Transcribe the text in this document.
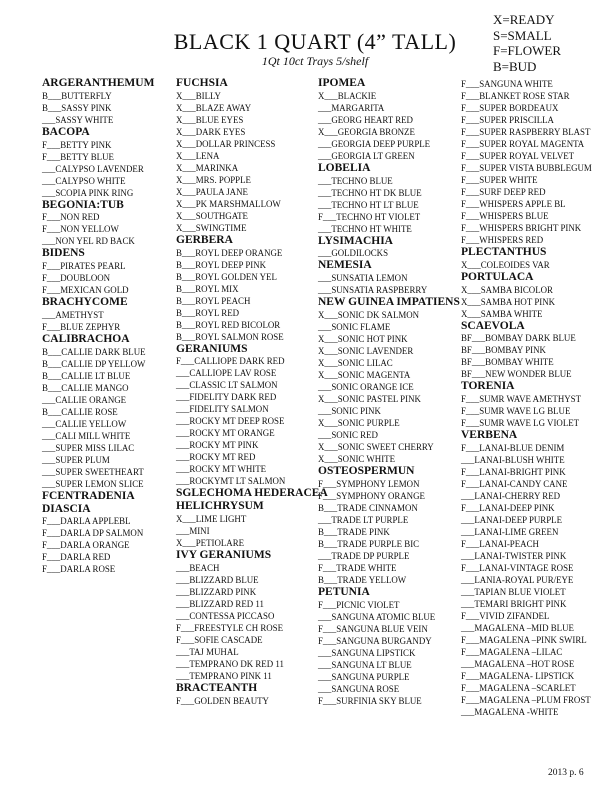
BLACK 1 QUART (4” TALL)
1Qt 10ct Trays 5/shelf
X=READY
S=SMALL
F=FLOWER
B=BUD
ARGERANTHEMUM
B___BUTTERFLY
B___SASSY PINK
___SASSY WHITE
BACOPA
F___BETTY PINK
F___BETTY BLUE
___CALYPSO LAVENDER
___CALYPSO WHITE
___SCOPIA PINK RING
BEGONIA:TUB
F___NON RED
F___NON YELLOW
___NON YEL RD BACK
BIDENS
F___PIRATES PEARL
F___DOUBLOON
F___MEXICAN GOLD
BRACHYCOME
___AMETHYST
F___BLUE ZEPHYR
CALIBRACHOA
B___CALLIE DARK BLUE
B___CALLIE DP YELLOW
B___CALLIE LT BLUE
B___CALLIE MANGO
___CALLIE ORANGE
B___CALLIE ROSE
___CALLIE YELLOW
___CALI MILL WHITE
___SUPER MISS LILAC
___SUPER PLUM
___SUPER SWEETHEART
___SUPER LEMON SLICE
FCENTRADENIA
DIASCIA
F___DARLA APPLEBL
F___DARLA DP SALMON
F___DARLA ORANGE
F___DARLA RED
F___DARLA ROSE
FUCHSIA
X___BILLY
X___BLAZE AWAY
X___BLUE EYES
X___DARK EYES
X___DOLLAR PRINCESS
X___LENA
X___MARINKA
X___MRS. POPPLE
X___PAULA JANE
X___PK MARSHMALLOW
X___SOUTHGATE
X___SWINGTIME
GERBERA
B___ROYL DEEP ORANGE
B___ROYL DEEP PINK
B___ROYL GOLDEN YEL
B___ROYL MIX
B___ROYL PEACH
B___ROYL RED
B___ROYL RED BICOLOR
B___ROYL SALMON ROSE
GERANIUMS
F___CALLIOPE DARK RED
___CALLIOPE LAV ROSE
___CLASSIC LT SALMON
___FIDELITY DARK RED
___FIDELITY SALMON
___ROCKY MT DEEP ROSE
___ROCKY MT ORANGE
___ROCKY MT PINK
___ROCKY MT RED
___ROCKY MT WHITE
___ROCKYMT LT SALMON
SGLECHOMA HEDERACEA
HELICHRYSUM
X___LIME LIGHT
___MINI
X___PETIOLARE
IVY GERANIUMS
___BEACH
___BLIZZARD BLUE
___BLIZZARD PINK
___BLIZZARD RED 11
___CONTESSA PICCASO
F___FREESTYLE CH ROSE
F___SOFIE CASCADE
___TAJ MUHAL
___TEMPRANO DK RED 11
___TEMPRANO PINK 11
BRACTEANTH
F___GOLDEN BEAUTY
IPOMEA
X___BLACKIE
___MARGARITA
___GEORG HEART RED
X___GEORGIA BRONZE
___GEORGIA DEEP PURPLE
___GEORGIA LT GREEN
LOBELIA
___TECHNO BLUE
___TECHNO HT DK BLUE
___TECHNO HT LT BLUE
F___TECHNO HT VIOLET
___TECHNO HT WHITE
LYSIMACHIA
___GOLDILOCKS
NEMESIA
___SUNSATIA LEMON
___SUNSATIA RASPBERRY
NEW GUINEA IMPATIENS
X___SONIC DK SALMON
___SONIC FLAME
X___SONIC HOT PINK
X___SONIC LAVENDER
X___SONIC LILAC
X___SONIC MAGENTA
___SONIC ORANGE ICE
X___SONIC PASTEL PINK
___SONIC PINK
X___SONIC PURPLE
___SONIC RED
X___SONIC SWEET CHERRY
X___SONIC WHITE
OSTEOSPERMUN
F___SYMPHONY LEMON
F___SYMPHONY ORANGE
B___TRADE CINNAMON
___TRADE LT PURPLE
B___TRADE PINK
B___TRADE PURPLE BIC
___TRADE DP PURPLE
F___TRADE WHITE
B___TRADE YELLOW
PETUNIA
F___PICNIC VIOLET
___SANGUNA ATOMIC BLUE
F___SANGUNA BLUE VEIN
F___SANGUNA BURGANDY
___SANGUNA LIPSTICK
___SANGUNA LT BLUE
___SANGUNA PURPLE
___SANGUNA ROSE
F___SURFINIA SKY BLUE
F___SANGUNA WHITE
F___BLANKET ROSE STAR
F___SUPER BORDEAUX
F___SUPER PRISCILLA
F___SUPER RASPBERRY BLAST
F___SUPER ROYAL MAGENTA
F___SUPER ROYAL VELVET
F___SUPER VISTA BUBBLEGUM
F___SUPER WHITE
F___SURF DEEP RED
F___WHISPERS APPLE BL
F___WHISPERS BLUE
F___WHISPERS BRIGHT PINK
F___WHISPERS RED
PLECTANTHUS
X___COLEOIDES VAR
PORTULACA
X___SAMBA BICOLOR
X___SAMBA HOT PINK
X___SAMBA WHITE
SCAEVOLA
BF___BOMBAY DARK BLUE
BF___BOMBAY PINK
BF___BOMBAY WHITE
BF___NEW WONDER BLUE
TORENIA
F___SUMR WAVE AMETHYST
F___SUMR WAVE LG BLUE
F___SUMR WAVE LG VIOLET
VERBENA
F___LANAI-BLUE DENIM
___LANAI-BLUSH WHITE
F___LANAI-BRIGHT PINK
F___LANAI-CANDY CANE
___LANAI-CHERRY RED
F___LANAI-DEEP PINK
___LANAI-DEEP PURPLE
___LANAI-LIME GREEN
F___LANAI-PEACH
___LANAI-TWISTER PINK
F___LANAI-VINTAGE ROSE
___LANIA-ROYAL PUR/EYE
___TAPIAN BLUE VIOLET
___TEMARI BRIGHT PINK
F___VIVID ZIFANDEL
___MAGALENA –MID BLUE
F___MAGALENA –PINK SWIRL
F___MAGALENA –LILAC
___MAGALENA –HOT ROSE
F___MAGALENA- LIPSTICK
F___MAGALENA –SCARLET
F___MAGALENA –PLUM FROST
___MAGALENA -WHITE
2013 p. 6
